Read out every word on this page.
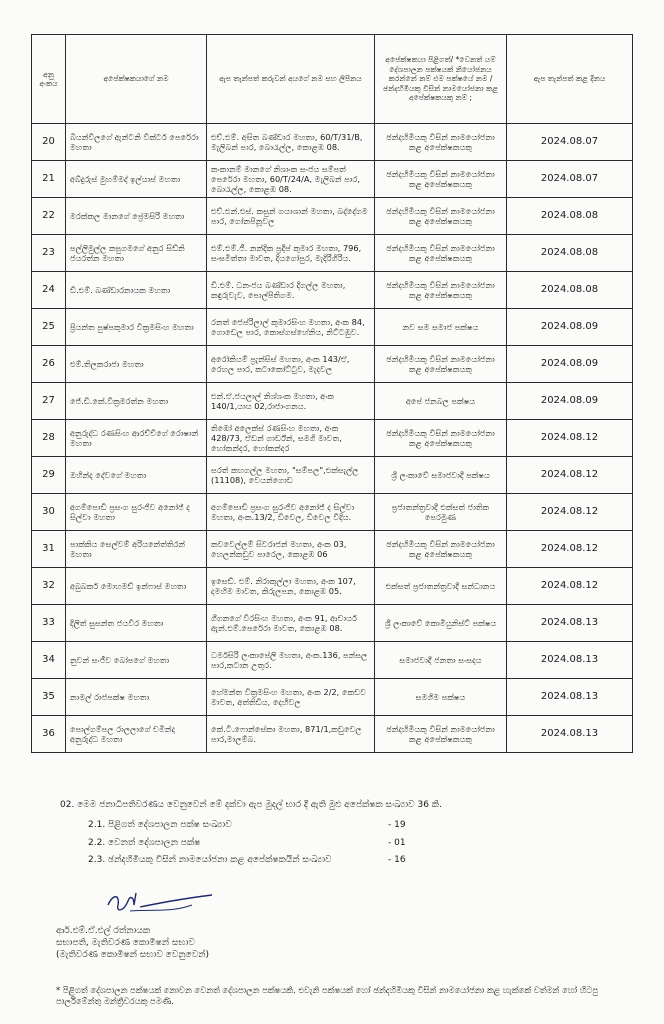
අනු අංකය	අපේක්ෂකයාගේ නම	ඇප තැන්පත් කරුවන් අයගේ නම සහ ලිපිනය	අපේක්ෂකයා පිළිගත්/ *වෙනත් යම් දේශපාලන පක්ෂයක් නියෝජනය කරන්නේ නම් එම පක්ෂයේ නම / ඡන්දහිමියකු විසින් නාමයෝජනා කළ අපේක්ෂකයකු නම් ;	ඇප තැන්පත් කළ දිනය
20	බියන්විලගේ ඇන්ටනි වික්ටර් පෙරේරා මහතා	එච්.එම්. අසිත බණ්ඩාර මහතා, 60/T/31/B, මැලිබන් පාර, බොරැල්ල, කොළඹ 08.	ඡන්දහිමියකු විසින් නාමයෝජනා කළ අපේක්ෂකයකු	2024.08.07
21	අබ්දුරුස් මුහම්මද් ඉල්යාස් මහතා	කංකානම් මානගේ නිශාංක සංජය සම්පත් පෙරේරා මහතා, 60/T/24/A, මැලිබන් පාර, බොරැල්ල, කොළඹ 08.	ඡන්දහිමියකු විසින් නාමයෝජනා කළ අපේක්ෂකයකු	2024.08.07
22	මරක්කල මානගේ ප්‍රේමසිරි මහතා	එච්.එන්.එස්. කසුන් ගයාශාන් මහතා, බද්දේගම පාර, ගෝනපිනූවල	ඡන්දහිමියකු විසින් නාමයෝජනා කළ අපේක්ෂකයකු	2024.08.08
23	පල්ලිමුල්ල කපුගමගේ අනුර සිඩ්නි ජයරත්න මහතා	එම්.එම්.ජී. නන්දික ප්‍රදීප් කුමාර මහතා, 796, සංඝමිත්තා මාවත, දියගෝපුර, මැදිරිගිරිය.	ඡන්දහිමියකු විසින් නාමයෝජනා කළ අපේක්ෂකයකු	2024.08.08
24	ඩී.එම්. බණ්ඩාරනායක මහතා	ඩී.එම්. ධනංජය බණ්ඩාර දිගල්ල මහතා, කඳුරුවැව, පොල්පිතිගම.	ඡන්දහිමියකු විසින් නාමයෝජනා කළ අපේක්ෂකයකු	2024.08.08
25	ප්‍රියන්ත පුෂ්පකුමාර වික්‍රමසිංහ මහතා	රනත් ජෙප්රිලාල් කුමාරසිංහ මහතා, අංක 84, ගොඩෙල පාර, කොස්ගස්හේනිය, නිට්ටඹුව.	නව සම සමාජ පක්ෂය	2024.08.09
26	එම්.තිලකරාජා මහතා	අරෝකියම් ප්‍රැන්සිස් මහතා, අංක 143/ඒ, රෙහල පාර, කටාකෝට්ටුව, මැදවල	ඡන්දහිමියකු විසින් නාමයෝජනා කළ අපේක්ෂකයකු	2024.08.09
27	ජේ.ඩී.කේ.වික්‍රමරත්න මහතා	එන්.ඒ.ජයලාල් නිශ්ශංක මහතා, අංක 140/1,යාය 02,රාජාංගනය.	අපේ ජනබල පක්ෂය	2024.08.09
28	අනුරුද්ධ රණසිංහ ආරච්චිගේ රොෂාන් මහතා	තිඹෝ අලෙක්ස් රණසිංහ මහතා, අංක 428/73, ඒඩන් ගාර්ඩ්න්, සමගි මාවත, හෝකන්දර, හෝකන්දර	ඡන්දහිමියකු විසින් නාමයෝජනා කළ අපේක්ෂකයකු	2024.08.12
29	ඔහින්ද දේවගේ මහතා	සරත් කහගල්ල මහතා, "සම්පල",එක්සැල්ල (11108), වෙයන්ගොඩ	ශ්‍රී ලංකාවේ සමාජවාදී පක්ෂය	2024.08.12
30	අගම්පොඩි ප්‍රසංග සුරංජිව අනෝජ් ද සිල්වා මහතා	අගම්පොඩි ප්‍රසංග සුරංජිව අනෝජ් ද සිල්වා මහතා, අංක.13/2, ඩිවෙල, ඩිවෙල වීදිය.	ප්‍රජාතන්ත්‍රවාදී එක්සත් ජාතික පෙරමුණ	2024.08.12
31	පාක්කිය සෙල්වම් අරියනේත්තිරන් මහතා	කවවෙල්ලම් සිවරාජන් මහතා, අංක 03, හෙලන්කඩුව පාරෙල, කොළඹ 06	ඡන්දහිමියකු විසින් නාමයෝජනා කළ අපේක්ෂකයකු	2024.08.12
32	අබුබකර් මොහමඩ් ඉන්ෆාස් මහතා	ඉසෙඩ්. එම්. නිරාකුල්ලා මහතා, අංක 107, දමහිම මාවත, කිරුලපන, කොළඹ 05.	එක්සත් ප්‍රජාතන්ත්‍රවාදී සන්ධානය	2024.08.12
33	දිලිත් සුසන්ත ජයවීර මහතා	ගීගනගේ විරසිංහ මහතා, අංක 91, ආචාර්ය ඇන්.එම්.පෙරේරා මාවත, කොළඹ 08.	ශ්‍රී ලංකාවේ කොමියුනිස්ට් පක්ෂය	2024.08.13
34	නුවන් සංජීව බෝපගේ මහතා	ධර්මසිරි ලංකාපේලි මහතා, අංක.136, පන්සල පාර,කටාන උතුර.	සමාජවාදී ජනතා සංසදය	2024.08.13
35	නාමල් රාජපක්ෂ මහතා	හේමන්ත වික්‍රමසිංහ මහතා, අංක 2/2, කෙඩව මාවත, අත්තිඩිය, දෙහිවල	සමගිම පක්ෂය	2024.08.13
36	පොල්ගම්පල රාලලාගේ චමින්ද අනුරුද්ධ මහතා	කේ.ටී.ෆොන්සේකා මහතා, 871/1,කඩුවෙල පාර,මාලම්බ.	ඡන්දහිමියකු විසින් නාමයෝජනා කළ අපේක්ෂකයකු	2024.08.13
02. මෙම ජනාධිපතිවරණය වෙනුවෙන් මේ දක්වා ඇප මුදල් භාර දී ඇති මුළු අපේක්ෂක සංඛ්‍යාව 36 කි.
2.1. පිළිගත් දේශපාලන පක්ෂ සංඛ්‍යාව	- 19
2.2. වෙනත් දේශපාලන පක්ෂ	- 01
2.3. ඡන්දහිමියකු විසින් නාමයෝජනා කළ අපේක්ෂකයින් සංඛ්‍යාව	- 16
ආර්.එම්.ඒ.එල් රත්නායක
සභාපති, මැතිවරණ කොමිෂන් සභාව
(මැතිවරණ කොමිෂන් සභාව වෙනුවෙන්)
* පිළිගත් දේශපාලන පක්ෂයක් නොවන වෙනත් දේශපාලන පක්ෂයකි. එවැනි පක්ෂයක් හෝ ඡන්දහිමියකු විසින් නාමයෝජනා කළ හැක්කේ වත්මන් හෝ හිටපු පාර්ලිමේන්තු මන්ත්‍රීවරයකු පමණි.
